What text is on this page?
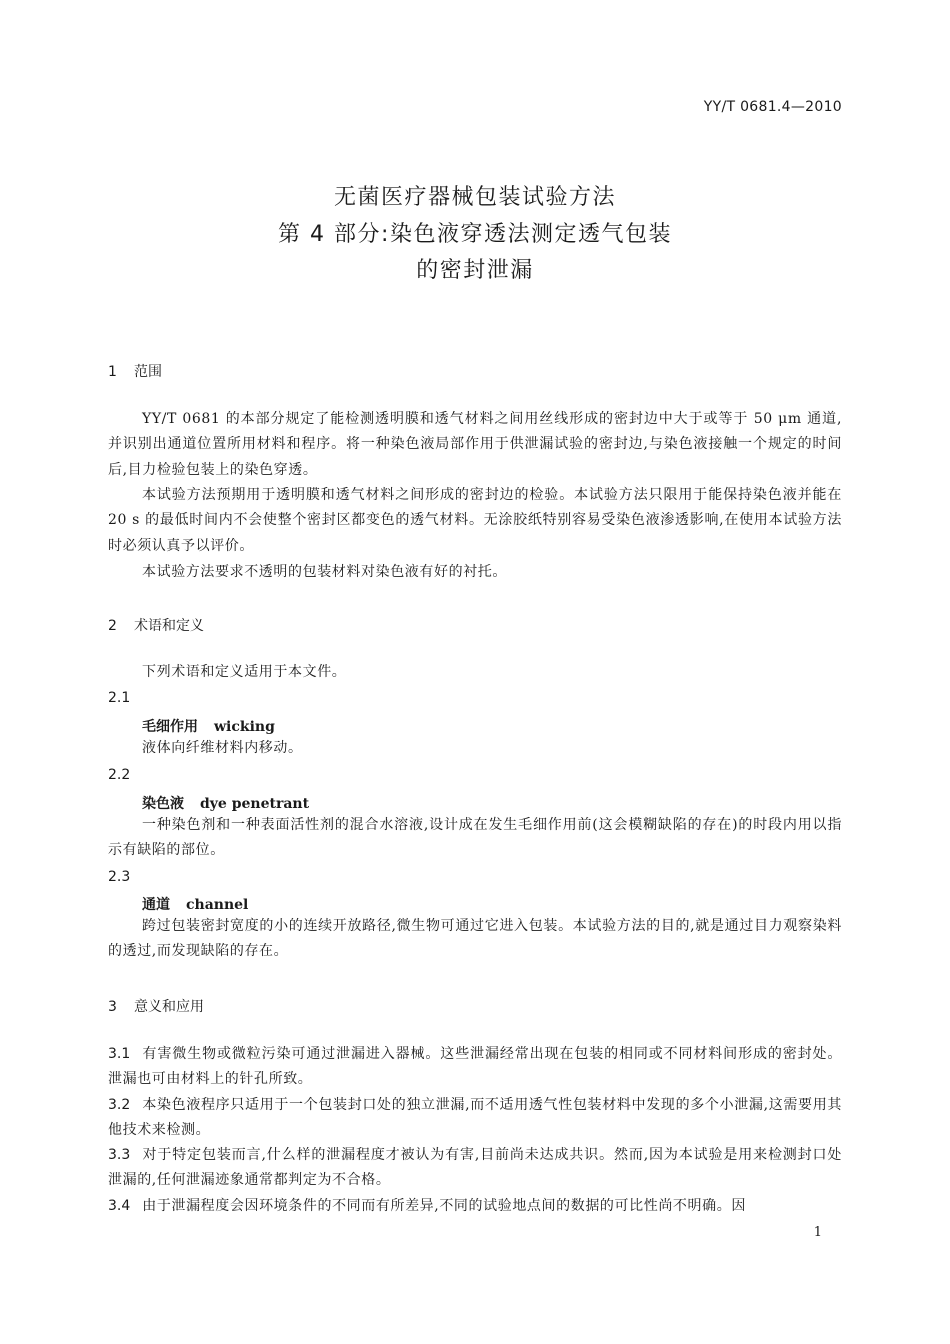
YY/T 0681.4—2010
无菌医疗器械包装试验方法
第 4 部分:染色液穿透法测定透气包装
的密封泄漏
1 范围
YY/T 0681 的本部分规定了能检测透明膜和透气材料之间用丝线形成的密封边中大于或等于 50 μm 通道,并识别出通道位置所用材料和程序。将一种染色液局部作用于供泄漏试验的密封边,与染色液接触一个规定的时间后,目力检验包装上的染色穿透。
本试验方法预期用于透明膜和透气材料之间形成的密封边的检验。本试验方法只限用于能保持染色液并能在 20 s 的最低时间内不会使整个密封区都变色的透气材料。无涂胶纸特别容易受染色液渗透影响,在使用本试验方法时必须认真予以评价。
本试验方法要求不透明的包装材料对染色液有好的衬托。
2 术语和定义
下列术语和定义适用于本文件。
2.1
毛细作用 wicking
液体向纤维材料内移动。
2.2
染色液 dye penetrant
一种染色剂和一种表面活性剂的混合水溶液,设计成在发生毛细作用前(这会模糊缺陷的存在)的时段内用以指示有缺陷的部位。
2.3
通道 channel
跨过包装密封宽度的小的连续开放路径,微生物可通过它进入包装。本试验方法的目的,就是通过目力观察染料的透过,而发现缺陷的存在。
3 意义和应用
3.1 有害微生物或微粒污染可通过泄漏进入器械。这些泄漏经常出现在包装的相同或不同材料间形成的密封处。泄漏也可由材料上的针孔所致。
3.2 本染色液程序只适用于一个包装封口处的独立泄漏,而不适用透气性包装材料中发现的多个小泄漏,这需要用其他技术来检测。
3.3 对于特定包装而言,什么样的泄漏程度才被认为有害,目前尚未达成共识。然而,因为本试验是用来检测封口处泄漏的,任何泄漏迹象通常都判定为不合格。
3.4 由于泄漏程度会因环境条件的不同而有所差异,不同的试验地点间的数据的可比性尚不明确。因
1
